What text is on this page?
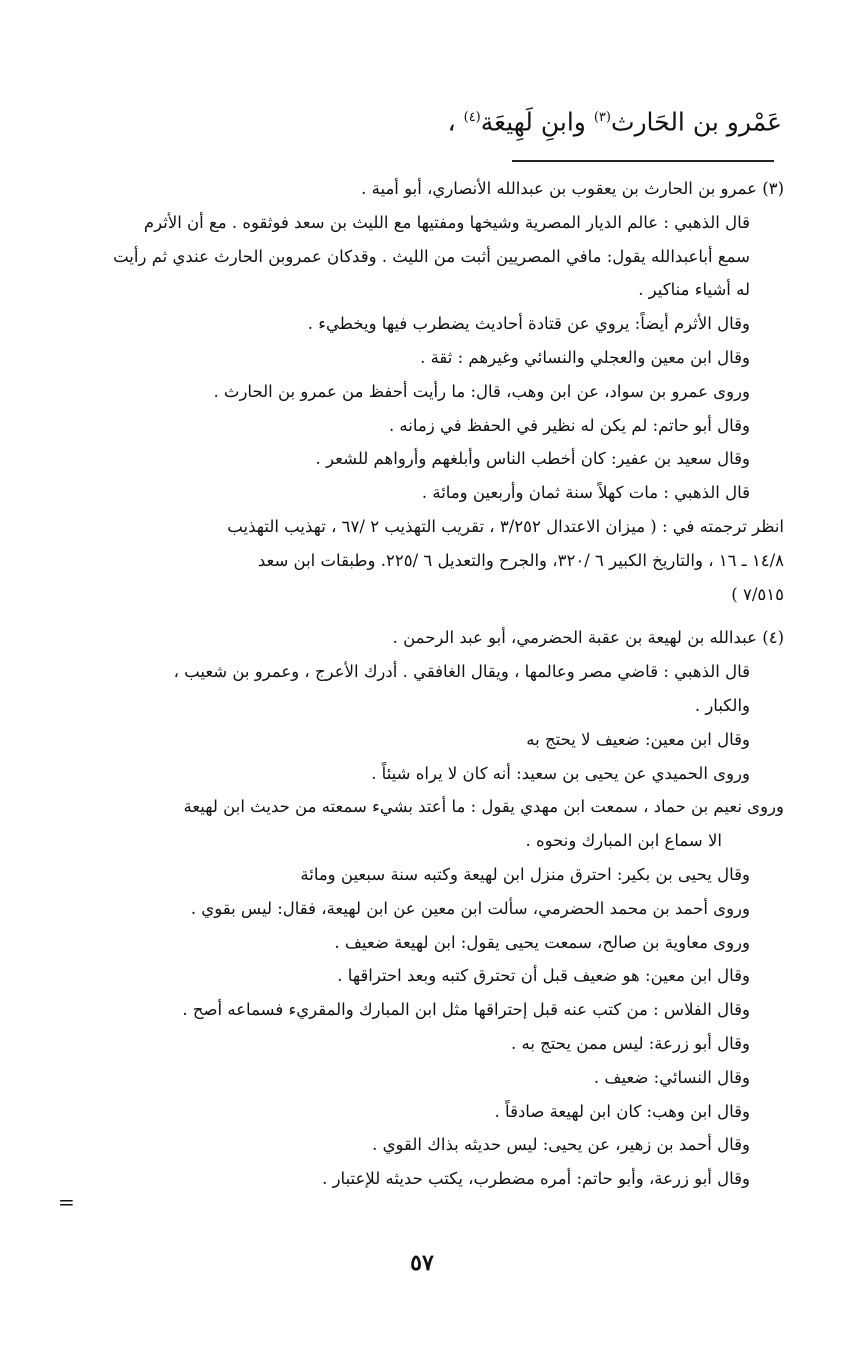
عَمْرو بن الحَارث$^{(٣)}$ وابنِ لَهِيعَة$^{(٤)}$ ،

(٣) عمرو بن الحارث بن يعقوب بن عبدالله الأنصاري، أبو أمية .

قال الذهبي : عالم الديار المصرية وشيخها ومفتيها مع الليث بن سعد فوثقوه . مع أن الأثرم

سمع أباعبدالله يقول: مافي المصريين أثبت من الليث . وقدكان عمروبن الحارث عندي ثم رأيت

له أشياء مناكير .

وقال الأثرم أيضاً: يروي عن قتادة أحاديث يضطرب فيها ويخطيء .

وقال ابن معين والعجلي والنسائي وغيرهم : ثقة .

وروى عمرو بن سواد، عن ابن وهب، قال: ما رأيت أحفظ من عمرو بن الحارث .

وقال أبو حاتم: لم يكن له نظير في الحفظ في زمانه .

وقال سعيد بن عفير: كان أخطب الناس وأبلغهم وأرواهم للشعر .

قال الذهبي : مات كهلاً سنة ثمان وأربعين ومائة .

انظر ترجمته في : ( ميزان الاعتدال ٣/٢٥٢ ، تقريب التهذيب ٢ /٦٧ ، تهذيب التهذيب

١٤/٨ ـ ١٦ ، والتاريخ الكبير ٦ /٣٢٠، والجرح والتعديل ٦ /٢٢٥. وطبقات ابن سعد

٧/٥١٥ )

(٤) عبدالله بن لهيعة بن عقبة الحضرمي، أبو عبد الرحمن .

قال الذهبي : قاضي مصر وعالمها ، ويقال الغافقي . أدرك الأعرج ، وعمرو بن شعيب ،

والكبار .

وقال ابن معين: ضعيف لا يحتج به

وروى الحميدي عن يحيى بن سعيد: أنه كان لا يراه شيئاً .

وروى نعيم بن حماد ، سمعت ابن مهدي يقول : ما أعتد بشيء سمعته من حديث ابن لهيعة

الا سماع ابن المبارك ونحوه .

وقال يحيى بن بكير: احترق منزل ابن لهيعة وكتبه سنة سبعين ومائة

وروى أحمد بن محمد الحضرمي، سألت ابن معين عن ابن لهيعة، فقال: ليس بقوي .

وروى معاوية بن صالح، سمعت يحيى يقول: ابن لهيعة ضعيف .

وقال ابن معين: هو ضعيف قبل أن تحترق كتبه وبعد احتراقها .

وقال الفلاس : من كتب عنه قبل إحتراقها مثل ابن المبارك والمقريء فسماعه أصح .

وقال أبو زرعة: ليس ممن يحتج به .

وقال النسائي: ضعيف .

وقال ابن وهب: كان ابن لهيعة صادقاً .

وقال أحمد بن زهير، عن يحيى: ليس حديثه بذاك القوي .

وقال أبو زرعة، وأبو حاتم: أمره مضطرب، يكتب حديثه للإعتبار .

=
٥٧
